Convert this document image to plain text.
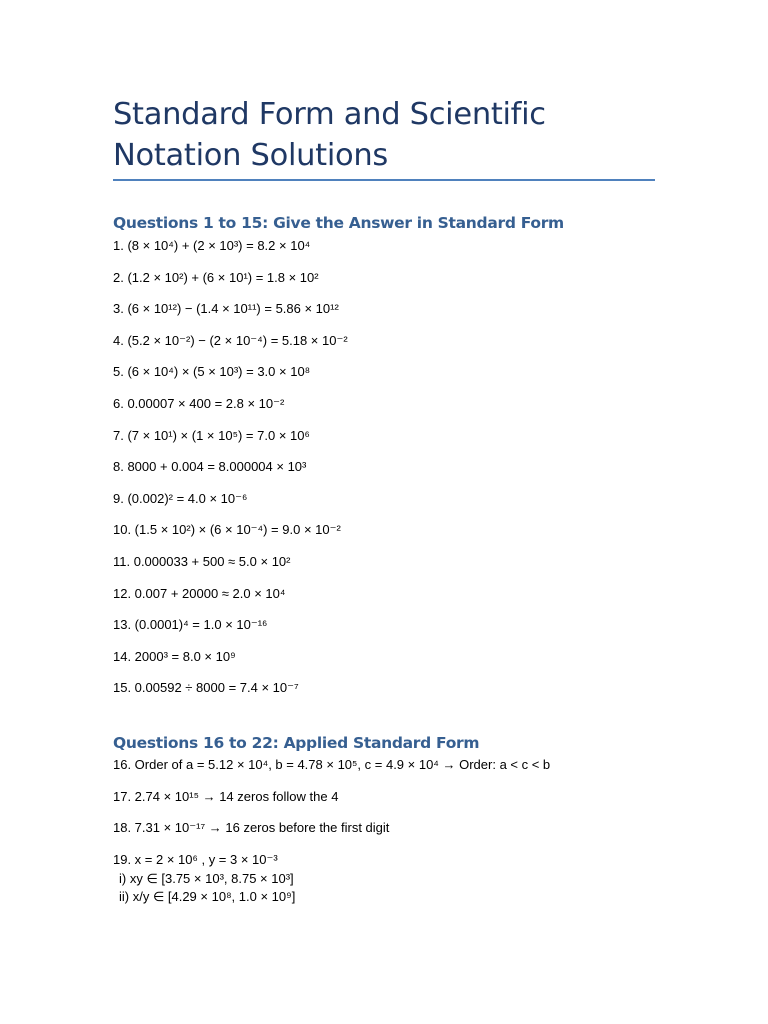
Standard Form and Scientific Notation Solutions
Questions 1 to 15: Give the Answer in Standard Form
1. (8 × 10⁴) + (2 × 10³) = 8.2 × 10⁴
2. (1.2 × 10²) + (6 × 10¹) = 1.8 × 10²
3. (6 × 10¹²) − (1.4 × 10¹¹) = 5.86 × 10¹²
4. (5.2 × 10⁻²) − (2 × 10⁻⁴) = 5.18 × 10⁻²
5. (6 × 10⁴) × (5 × 10³) = 3.0 × 10⁸
6. 0.00007 × 400 = 2.8 × 10⁻²
7. (7 × 10¹) × (1 × 10⁵) = 7.0 × 10⁶
8. 8000 + 0.004 = 8.000004 × 10³
9. (0.002)² = 4.0 × 10⁻⁶
10. (1.5 × 10²) × (6 × 10⁻⁴) = 9.0 × 10⁻²
11. 0.000033 + 500 ≈ 5.0 × 10²
12. 0.007 + 20000 ≈ 2.0 × 10⁴
13. (0.0001)⁴ = 1.0 × 10⁻¹⁶
14. 2000³ = 8.0 × 10⁹
15. 0.00592 ÷ 8000 = 7.4 × 10⁻⁷
Questions 16 to 22: Applied Standard Form
16. Order of a = 5.12 × 10⁴, b = 4.78 × 10⁵, c = 4.9 × 10⁴ → Order: a < c < b
17. 2.74 × 10¹⁵ → 14 zeros follow the 4
18. 7.31 × 10⁻¹⁷ → 16 zeros before the first digit
19. x = 2 × 10⁶ , y = 3 × 10⁻³
i) xy ∈ [3.75 × 10³, 8.75 × 10³]
ii) x/y ∈ [4.29 × 10⁸, 1.0 × 10⁹]
